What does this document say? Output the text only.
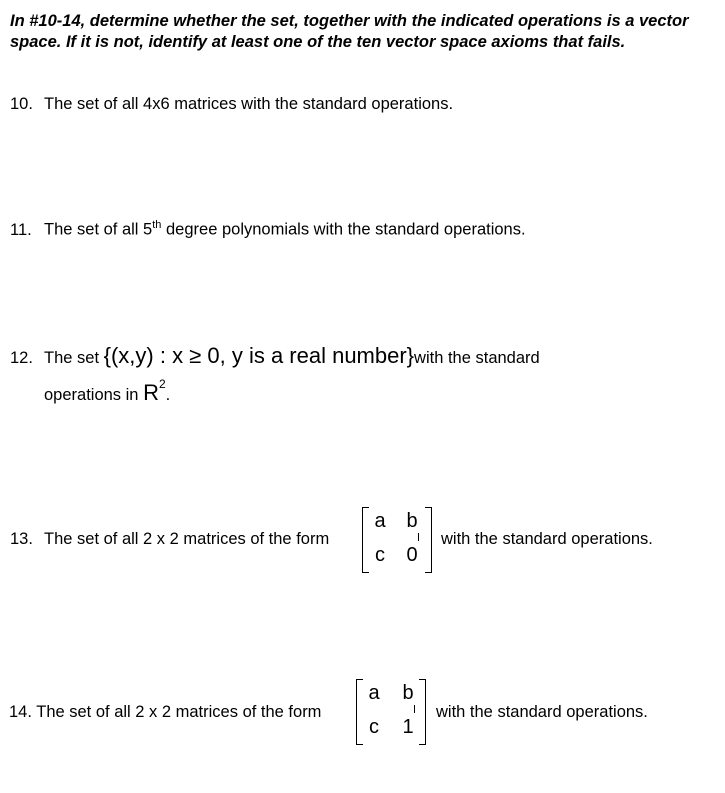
In #10-14, determine whether the set, together with the indicated operations is a vector space. If it is not, identify at least one of the ten vector space axioms that fails.

10. The set of all 4x6 matrices with the standard operations.
11. The set of all 5th degree polynomials with the standard operations.
12. The set {(x,y) : x ≥ 0, y is a real number}with the standard
operations in $R^2$.
13. The set of all 2 x 2 matrices of the form
a b
c 0
with the standard operations.
14. The set of all 2 x 2 matrices of the form
a b
c 1
with the standard operations.
